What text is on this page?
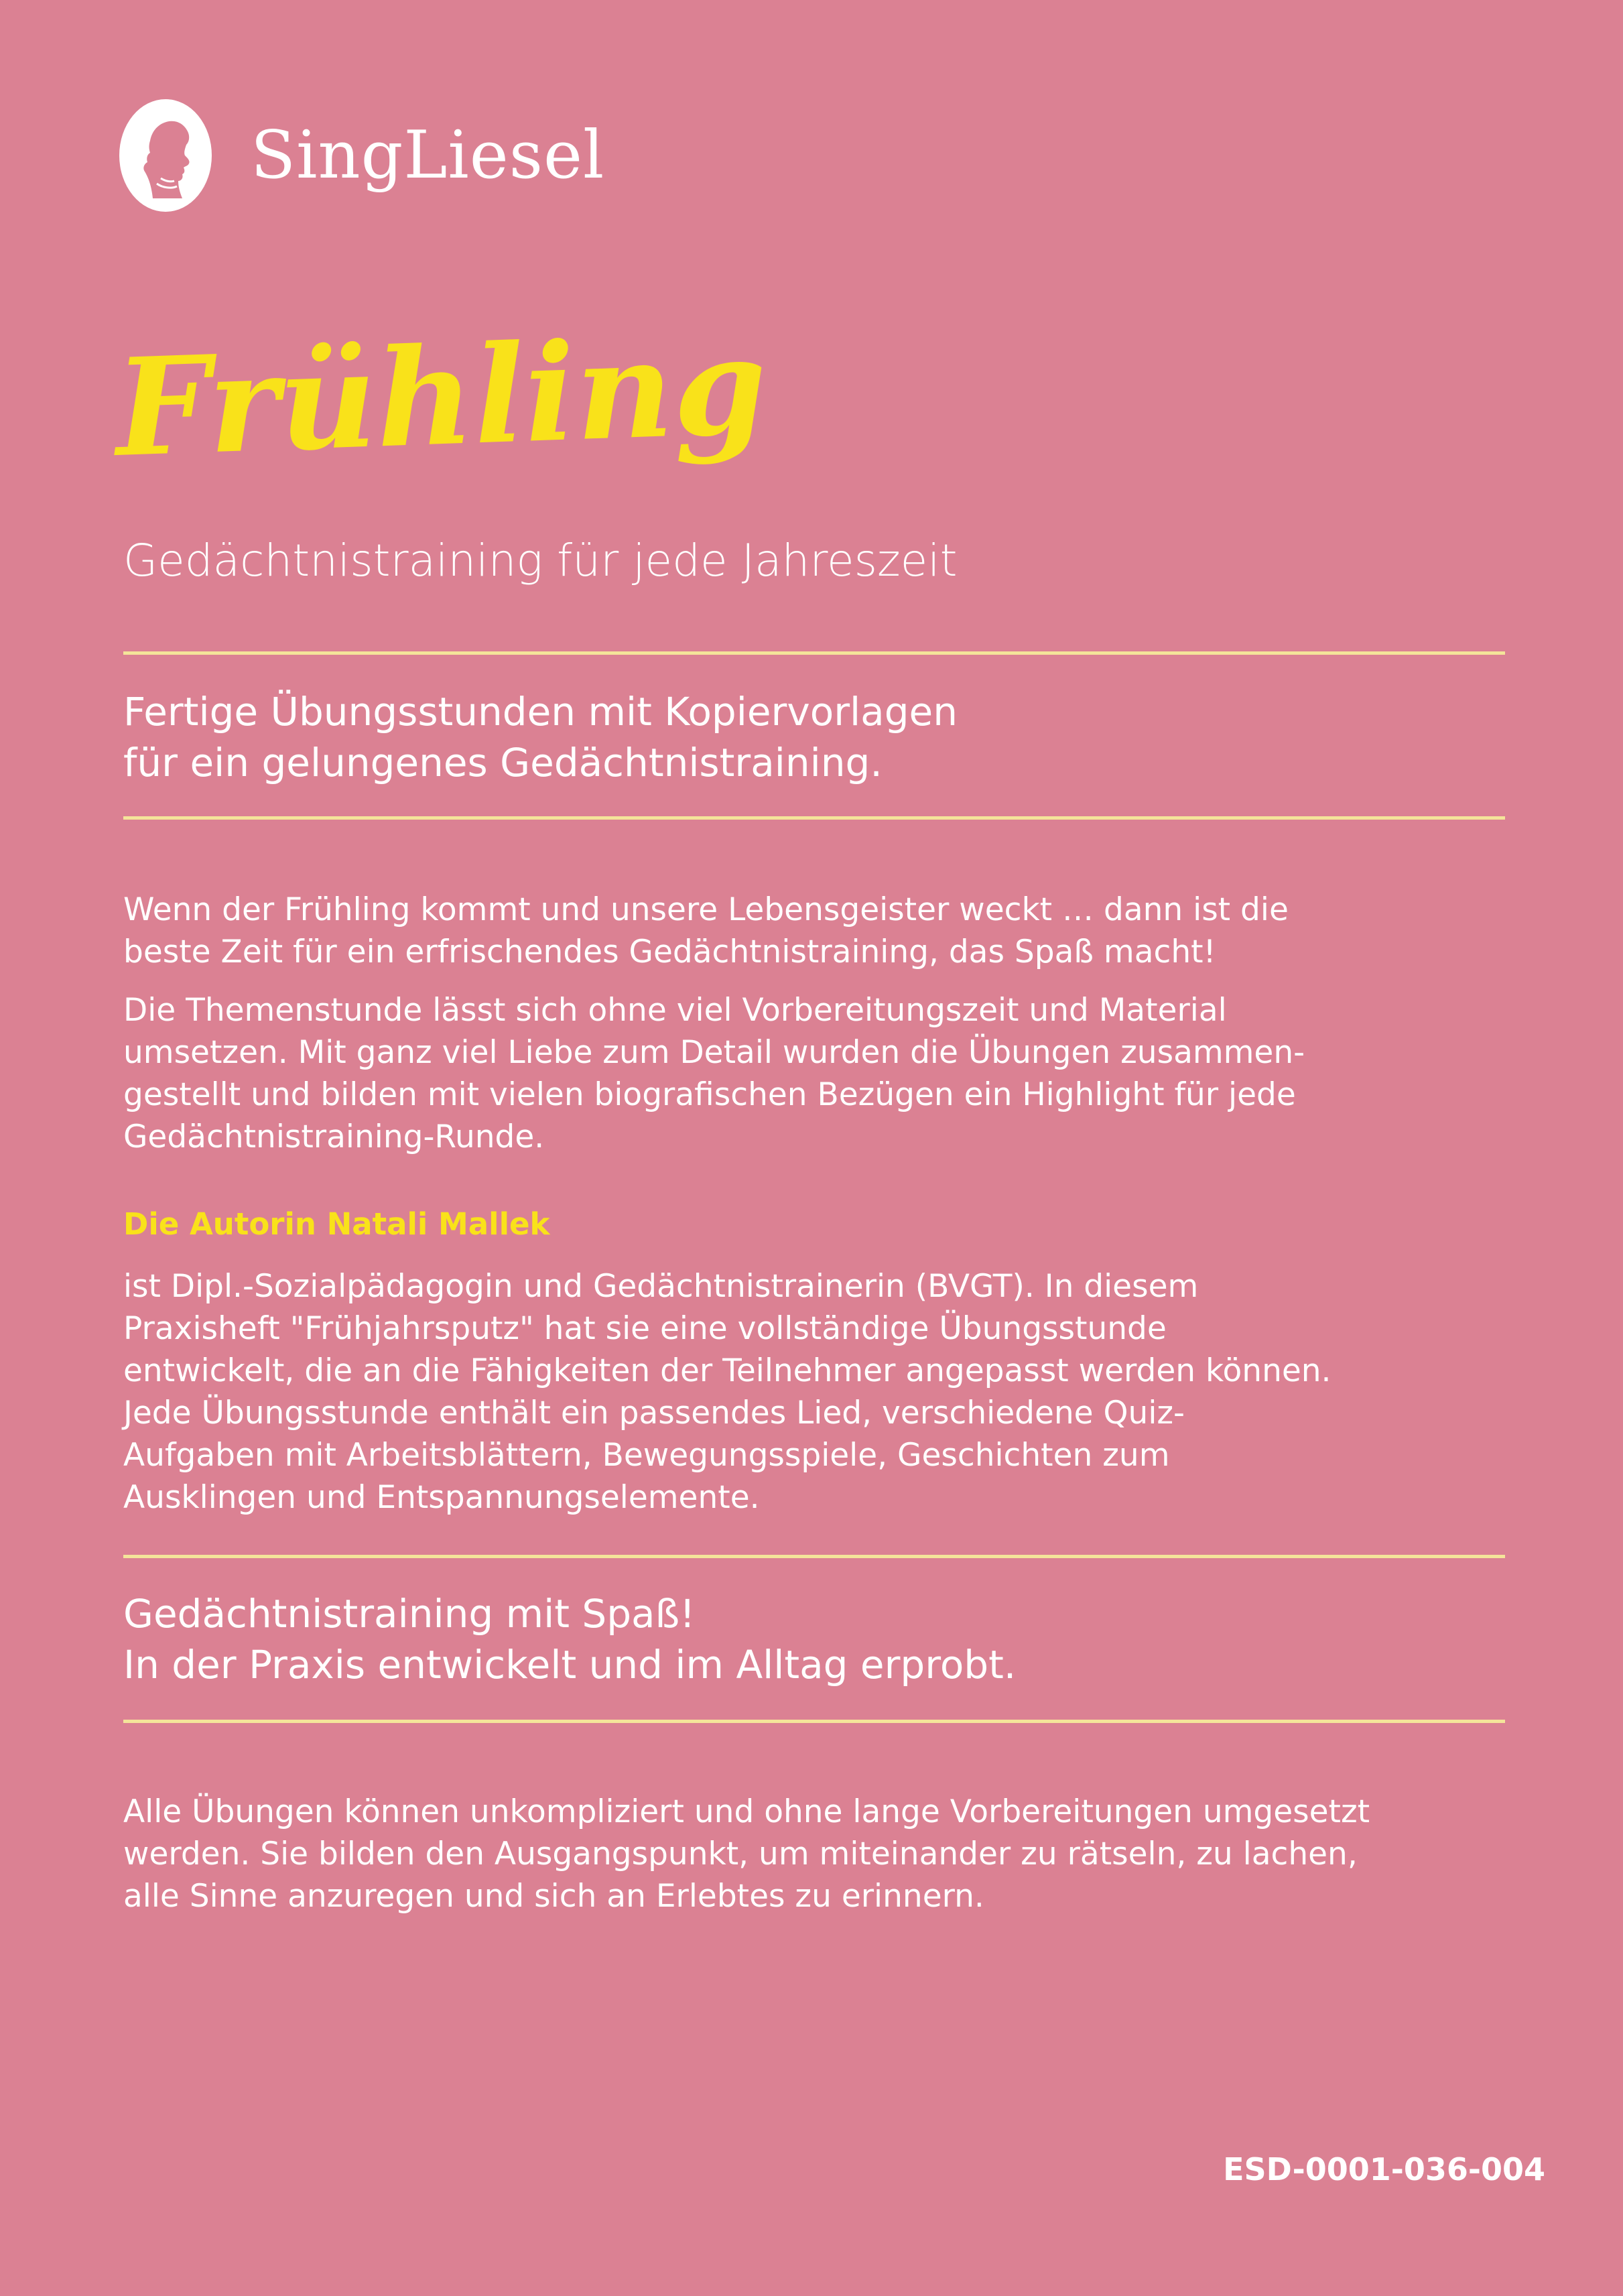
SingLiesel
Frühling
Gedächtnistraining für jede Jahreszeit
Fertige Übungsstunden mit Kopiervorlagen
für ein gelungenes Gedächtnistraining.
Wenn der Frühling kommt und unsere Lebensgeister weckt … dann ist die
beste Zeit für ein erfrischendes Gedächtnistraining, das Spaß macht!
Die Themenstunde lässt sich ohne viel Vorbereitungszeit und Material
umsetzen. Mit ganz viel Liebe zum Detail wurden die Übungen zusammen-
gestellt und bilden mit vielen biografischen Bezügen ein Highlight für jede
Gedächtnistraining-Runde.
Die Autorin Natali Mallek
ist Dipl.-Sozialpädagogin und Gedächtnistrainerin (BVGT). In diesem
Praxisheft "Frühjahrsputz" hat sie eine vollständige Übungsstunde
entwickelt, die an die Fähigkeiten der Teilnehmer angepasst werden können.
Jede Übungsstunde enthält ein passendes Lied, verschiedene Quiz-
Aufgaben mit Arbeitsblättern, Bewegungsspiele, Geschichten zum
Ausklingen und Entspannungselemente.
Gedächtnistraining mit Spaß!
In der Praxis entwickelt und im Alltag erprobt.
Alle Übungen können unkompliziert und ohne lange Vorbereitungen umgesetzt
werden. Sie bilden den Ausgangspunkt, um miteinander zu rätseln, zu lachen,
alle Sinne anzuregen und sich an Erlebtes zu erinnern.
ESD-0001-036-004
